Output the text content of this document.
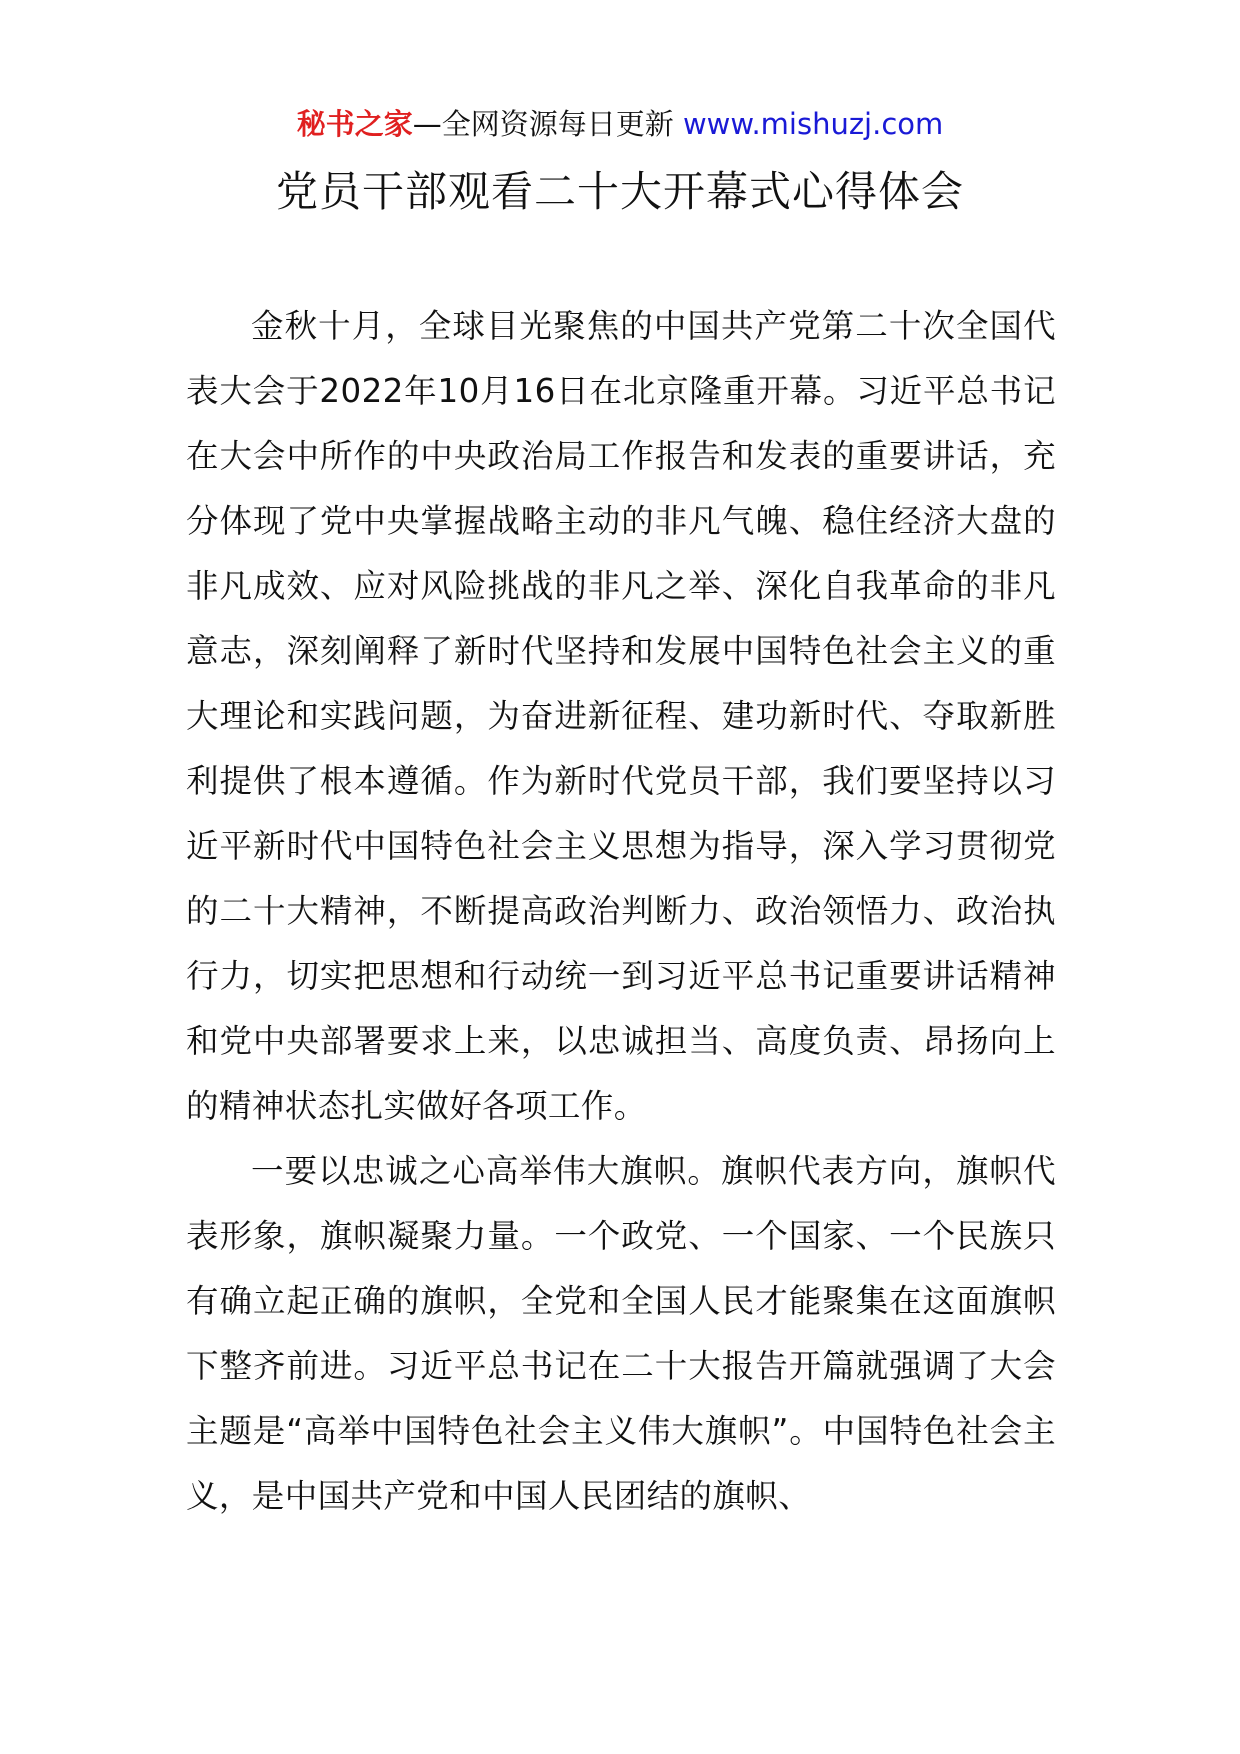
秘书之家—全网资源每日更新 www.mishuzj.com
党员干部观看二十大开幕式心得体会

金秋十月，全球目光聚焦的中国共产党第二十次全国代表大会于2022年10月16日在北京隆重开幕。习近平总书记在大会中所作的中央政治局工作报告和发表的重要讲话，充分体现了党中央掌握战略主动的非凡气魄、稳住经济大盘的非凡成效、应对风险挑战的非凡之举、深化自我革命的非凡意志，深刻阐释了新时代坚持和发展中国特色社会主义的重大理论和实践问题，为奋进新征程、建功新时代、夺取新胜利提供了根本遵循。作为新时代党员干部，我们要坚持以习近平新时代中国特色社会主义思想为指导，深入学习贯彻党的二十大精神，不断提高政治判断力、政治领悟力、政治执行力，切实把思想和行动统一到习近平总书记重要讲话精神和党中央部署要求上来，以忠诚担当、高度负责、昂扬向上的精神状态扎实做好各项工作。

一要以忠诚之心高举伟大旗帜。旗帜代表方向，旗帜代表形象，旗帜凝聚力量。一个政党、一个国家、一个民族只有确立起正确的旗帜，全党和全国人民才能聚集在这面旗帜下整齐前进。习近平总书记在二十大报告开篇就强调了大会主题是“高举中国特色社会主义伟大旗帜”。中国特色社会主义，是中国共产党和中国人民团结的旗帜、
